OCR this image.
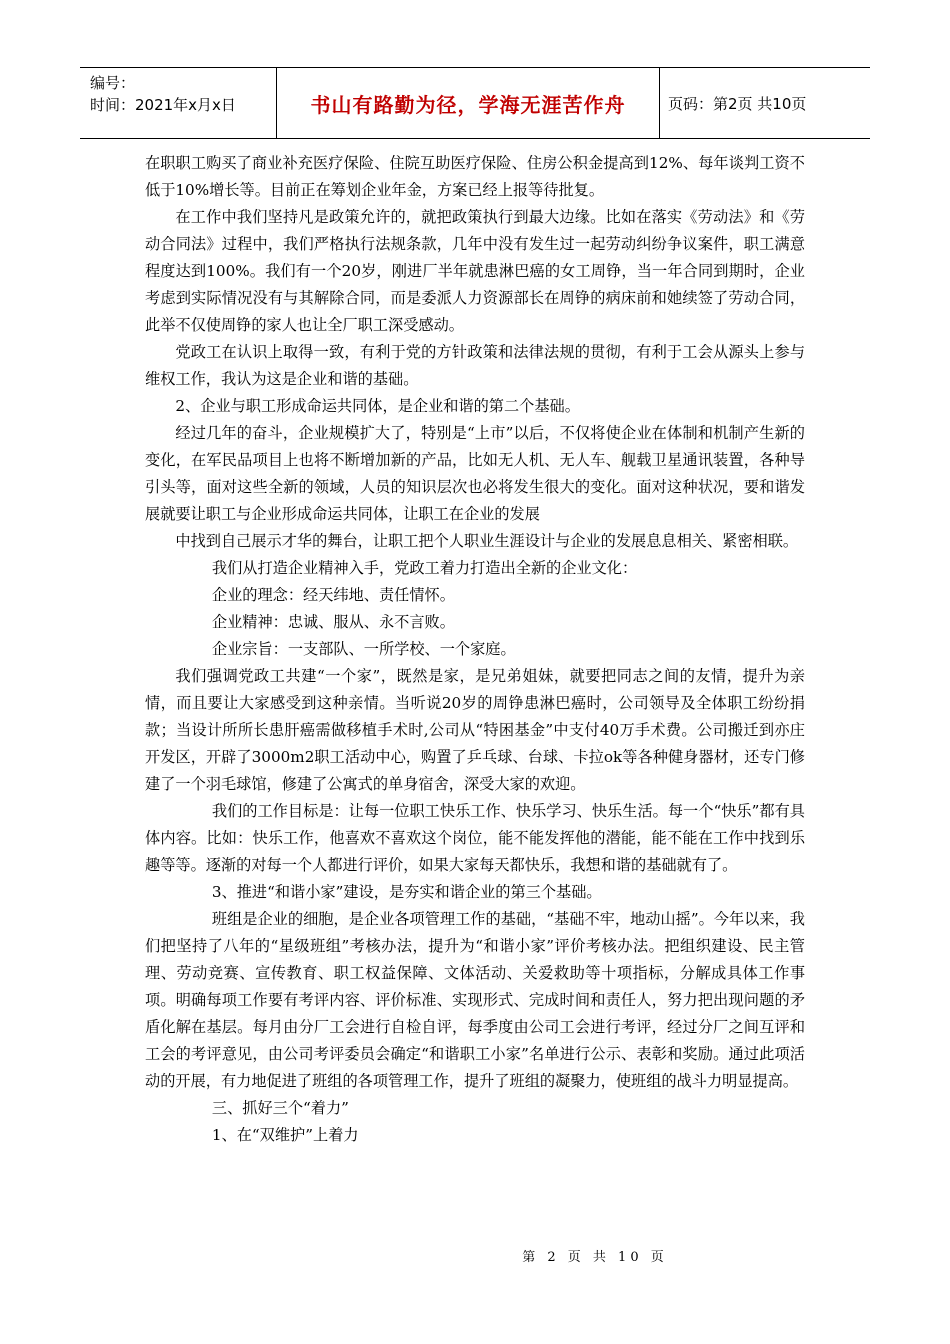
编号：
时间：2021年x月x日	书山有路勤为径，学海无涯苦作舟	页码：第2页 共10页

在职职工购买了商业补充医疗保险、住院互助医疗保险、住房公积金提高到12%、每年谈判工资不低于10%增长等。目前正在筹划企业年金，方案已经上报等待批复。

在工作中我们坚持凡是政策允许的，就把政策执行到最大边缘。比如在落实《劳动法》和《劳动合同法》过程中，我们严格执行法规条款，几年中没有发生过一起劳动纠纷争议案件，职工满意程度达到100%。我们有一个20岁，刚进厂半年就患淋巴癌的女工周铮，当一年合同到期时，企业考虑到实际情况没有与其解除合同，而是委派人力资源部长在周铮的病床前和她续签了劳动合同，此举不仅使周铮的家人也让全厂职工深受感动。

党政工在认识上取得一致，有利于党的方针政策和法律法规的贯彻，有利于工会从源头上参与维权工作，我认为这是企业和谐的基础。

2、企业与职工形成命运共同体，是企业和谐的第二个基础。

经过几年的奋斗，企业规模扩大了，特别是“上市”以后，不仅将使企业在体制和机制产生新的变化，在军民品项目上也将不断增加新的产品，比如无人机、无人车、舰载卫星通讯装置，各种导引头等，面对这些全新的领域，人员的知识层次也必将发生很大的变化。面对这种状况，要和谐发展就要让职工与企业形成命运共同体，让职工在企业的发展

中找到自己展示才华的舞台，让职工把个人职业生涯设计与企业的发展息息相关、紧密相联。

我们从打造企业精神入手，党政工着力打造出全新的企业文化：

企业的理念：经天纬地、责任情怀。

企业精神：忠诚、服从、永不言败。

企业宗旨：一支部队、一所学校、一个家庭。

我们强调党政工共建“一个家”，既然是家，是兄弟姐妹，就要把同志之间的友情，提升为亲情，而且要让大家感受到这种亲情。当听说20岁的周铮患淋巴癌时，公司领导及全体职工纷纷捐款；当设计所所长患肝癌需做移植手术时,公司从“特困基金”中支付40万手术费。公司搬迁到亦庄开发区，开辟了3000m2职工活动中心，购置了乒乓球、台球、卡拉ok等各种健身器材，还专门修建了一个羽毛球馆，修建了公寓式的单身宿舍，深受大家的欢迎。

我们的工作目标是：让每一位职工快乐工作、快乐学习、快乐生活。每一个“快乐”都有具体内容。比如：快乐工作，他喜欢不喜欢这个岗位，能不能发挥他的潜能，能不能在工作中找到乐趣等等。逐渐的对每一个人都进行评价，如果大家每天都快乐，我想和谐的基础就有了。

3、推进“和谐小家”建设，是夯实和谐企业的第三个基础。

班组是企业的细胞，是企业各项管理工作的基础，“基础不牢，地动山摇”。今年以来，我们把坚持了八年的“星级班组”考核办法，提升为“和谐小家”评价考核办法。把组织建设、民主管理、劳动竞赛、宣传教育、职工权益保障、文体活动、关爱救助等十项指标，分解成具体工作事项。明确每项工作要有考评内容、评价标准、实现形式、完成时间和责任人，努力把出现问题的矛盾化解在基层。每月由分厂工会进行自检自评，每季度由公司工会进行考评，经过分厂之间互评和工会的考评意见，由公司考评委员会确定“和谐职工小家”名单进行公示、表彰和奖励。通过此项活动的开展，有力地促进了班组的各项管理工作，提升了班组的凝聚力，使班组的战斗力明显提高。

三、抓好三个“着力”

1、在“双维护”上着力

第 2 页 共 10 页
